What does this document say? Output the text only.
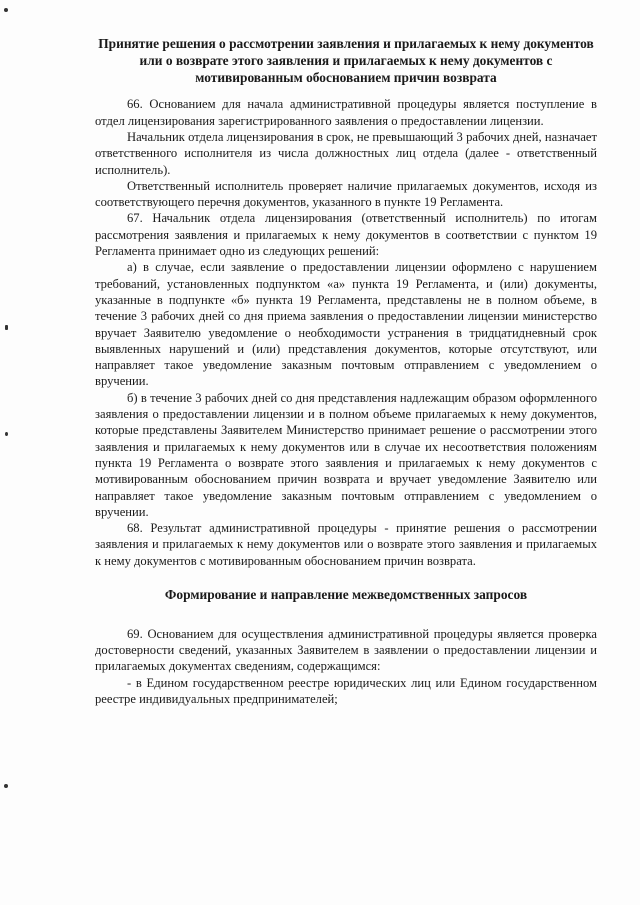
Принятие решения о рассмотрении заявления и прилагаемых к нему документов или о возврате этого заявления и прилагаемых к нему документов с мотивированным обоснованием причин возврата

66. Основанием для начала административной процедуры является поступление в отдел лицензирования зарегистрированного заявления о предоставлении лицензии.

Начальник отдела лицензирования в срок, не превышающий 3 рабочих дней, назначает ответственного исполнителя из числа должностных лиц отдела (далее - ответственный исполнитель).

Ответственный исполнитель проверяет наличие прилагаемых документов, исходя из соответствующего перечня документов, указанного в пункте 19 Регламента.

67. Начальник отдела лицензирования (ответственный исполнитель) по итогам рассмотрения заявления и прилагаемых к нему документов в соответствии с пунктом 19 Регламента принимает одно из следующих решений:

а) в случае, если заявление о предоставлении лицензии оформлено с нарушением требований, установленных подпунктом «а» пункта 19 Регламента, и (или) документы, указанные в подпункте «б» пункта 19 Регламента, представлены не в полном объеме, в течение 3 рабочих дней со дня приема заявления о предоставлении лицензии министерство вручает Заявителю уведомление о необходимости устранения в тридцатидневный срок выявленных нарушений и (или) представления документов, которые отсутствуют, или направляет такое уведомление заказным почтовым отправлением с уведомлением о вручении.

б) в течение 3 рабочих дней со дня представления надлежащим образом оформленного заявления о предоставлении лицензии и в полном объеме прилагаемых к нему документов, которые представлены Заявителем Министерство принимает решение о рассмотрении этого заявления и прилагаемых к нему документов или в случае их несоответствия положениям пункта 19 Регламента о возврате этого заявления и прилагаемых к нему документов с мотивированным обоснованием причин возврата и вручает уведомление Заявителю или направляет такое уведомление заказным почтовым отправлением с уведомлением о вручении.

68. Результат административной процедуры - принятие решения о рассмотрении заявления и прилагаемых к нему документов или о возврате этого заявления и прилагаемых к нему документов с мотивированным обоснованием причин возврата.

Формирование и направление межведомственных запросов

69. Основанием для осуществления административной процедуры является проверка достоверности сведений, указанных Заявителем в заявлении о предоставлении лицензии и прилагаемых документах сведениям, содержащимся:

- в Едином государственном реестре юридических лиц или Едином государственном реестре индивидуальных предпринимателей;
